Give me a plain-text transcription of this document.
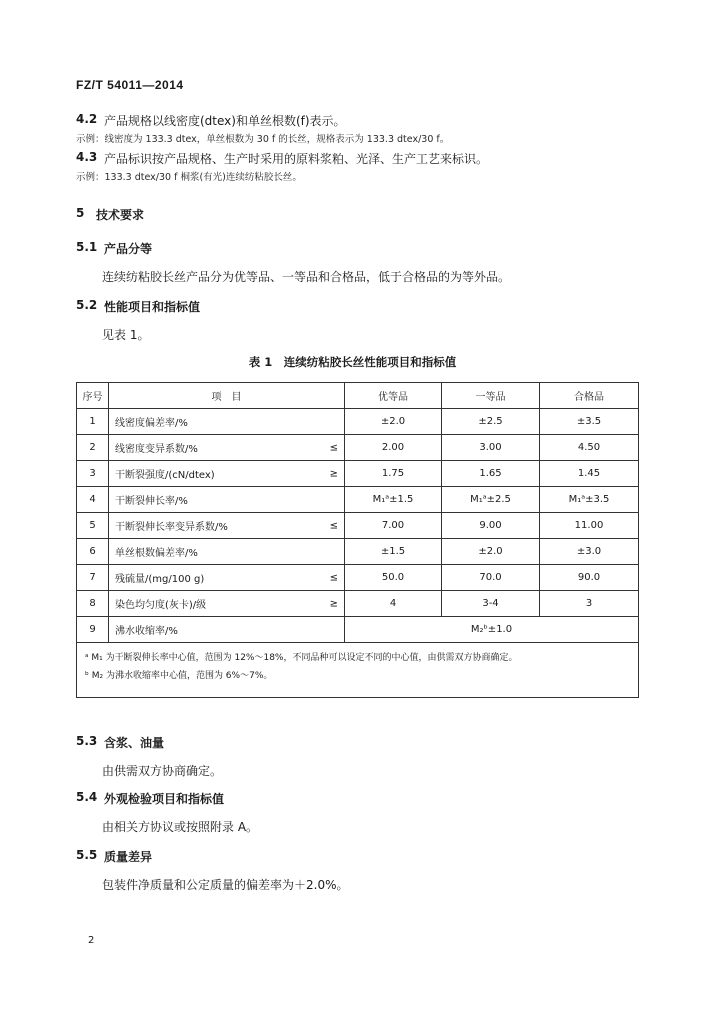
FZ/T 54011—2014
4.2 产品规格以线密度(dtex)和单丝根数(f)表示。
示例：线密度为 133.3 dtex，单丝根数为 30 f 的长丝，规格表示为 133.3 dtex/30 f。
4.3 产品标识按产品规格、生产时采用的原料浆粕、光泽、生产工艺来标识。
示例：133.3 dtex/30 f 桐浆(有光)连续纺粘胶长丝。
5 技术要求
5.1 产品分等
连续纺粘胶长丝产品分为优等品、一等品和合格品，低于合格品的为等外品。
5.2 性能项目和指标值
见表 1。
表 1　连续纺粘胶长丝性能项目和指标值
序号	项　目	优等品	一等品	合格品
1	线密度偏差率/%	±2.0	±2.5	±3.5
2	线密度变异系数/% ≤	2.00	3.00	4.50
3	干断裂强度/(cN/dtex) ≥	1.75	1.65	1.45
4	干断裂伸长率/%	M₁ᵃ±1.5	M₁ᵃ±2.5	M₁ᵃ±3.5
5	干断裂伸长率变异系数/% ≤	7.00	9.00	11.00
6	单丝根数偏差率/%	±1.5	±2.0	±3.0
7	残硫量/(mg/100 g) ≤	50.0	70.0	90.0
8	染色均匀度(灰卡)/级 ≥	4	3-4	3
9	沸水收缩率/%	M₂ᵇ±1.0		

ᵃ M₁ 为干断裂伸长率中心值，范围为 12%～18%，不同品种可以设定不同的中心值，由供需双方协商确定。
ᵇ M₂ 为沸水收缩率中心值，范围为 6%～7%。				
5.3 含浆、油量
由供需双方协商确定。
5.4 外观检验项目和指标值
由相关方协议或按照附录 A。
5.5 质量差异
包装件净质量和公定质量的偏差率为＋2.0%。
2
